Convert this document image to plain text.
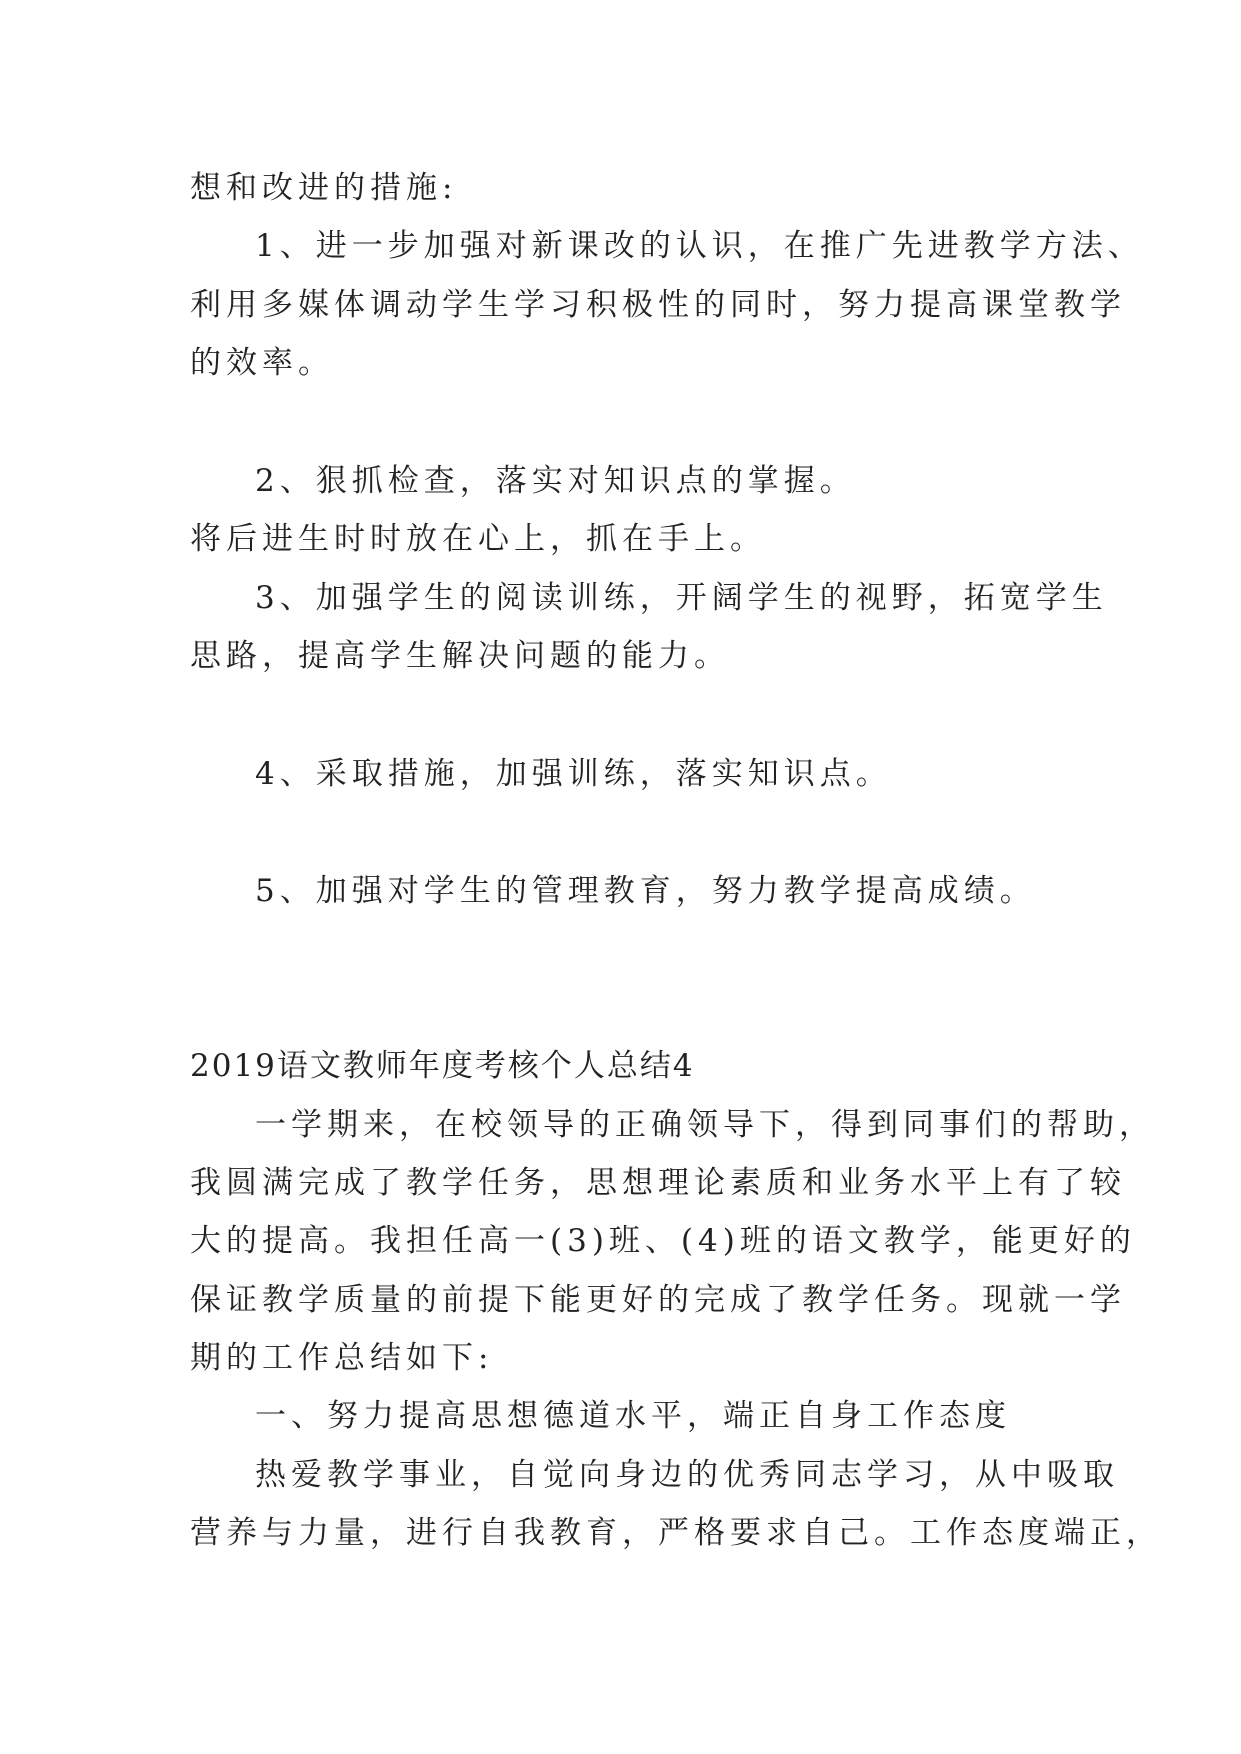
想和改进的措施:
1、进一步加强对新课改的认识，在推广先进教学方法、
利用多媒体调动学生学习积极性的同时，努力提高课堂教学
的效率。
2、狠抓检查，落实对知识点的掌握。
将后进生时时放在心上，抓在手上。
3、加强学生的阅读训练，开阔学生的视野，拓宽学生
思路，提高学生解决问题的能力。
4、采取措施，加强训练，落实知识点。
5、加强对学生的管理教育，努力教学提高成绩。
2019语文教师年度考核个人总结4
一学期来，在校领导的正确领导下，得到同事们的帮助，
我圆满完成了教学任务，思想理论素质和业务水平上有了较
大的提高。我担任高一(3)班、(4)班的语文教学，能更好的
保证教学质量的前提下能更好的完成了教学任务。现就一学
期的工作总结如下:
一、努力提高思想德道水平，端正自身工作态度
热爱教学事业，自觉向身边的优秀同志学习，从中吸取
营养与力量，进行自我教育，严格要求自己。工作态度端正，
